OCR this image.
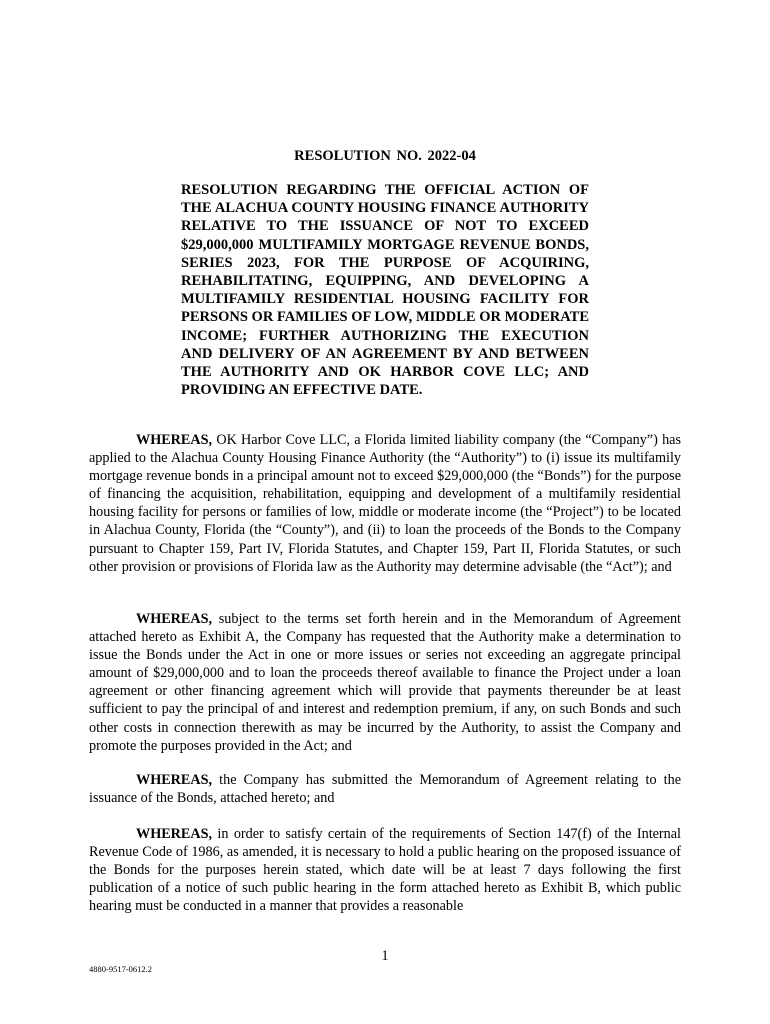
RESOLUTION NO. 2022-04

RESOLUTION REGARDING THE OFFICIAL ACTION OF THE ALACHUA COUNTY HOUSING FINANCE AUTHORITY RELATIVE TO THE ISSUANCE OF NOT TO EXCEED $29,000,000 MULTIFAMILY MORTGAGE REVENUE BONDS, SERIES 2023, FOR THE PURPOSE OF ACQUIRING, REHABILITATING, EQUIPPING, AND DEVELOPING A MULTIFAMILY RESIDENTIAL HOUSING FACILITY FOR PERSONS OR FAMILIES OF LOW, MIDDLE OR MODERATE INCOME; FURTHER AUTHORIZING THE EXECUTION AND DELIVERY OF AN AGREEMENT BY AND BETWEEN THE AUTHORITY AND OK HARBOR COVE LLC; AND PROVIDING AN EFFECTIVE DATE.

WHEREAS, OK Harbor Cove LLC, a Florida limited liability company (the “Company”) has applied to the Alachua County Housing Finance Authority (the “Authority”) to (i) issue its multifamily mortgage revenue bonds in a principal amount not to exceed $29,000,000 (the “Bonds”) for the purpose of financing the acquisition, rehabilitation, equipping and development of a multifamily residential housing facility for persons or families of low, middle or moderate income (the “Project”) to be located in Alachua County, Florida (the “County”), and (ii) to loan the proceeds of the Bonds to the Company pursuant to Chapter 159, Part IV, Florida Statutes, and Chapter 159, Part II, Florida Statutes, or such other provision or provisions of Florida law as the Authority may determine advisable (the “Act”); and

WHEREAS, subject to the terms set forth herein and in the Memorandum of Agreement attached hereto as Exhibit A, the Company has requested that the Authority make a determination to issue the Bonds under the Act in one or more issues or series not exceeding an aggregate principal amount of $29,000,000 and to loan the proceeds thereof available to finance the Project under a loan agreement or other financing agreement which will provide that payments thereunder be at least sufficient to pay the principal of and interest and redemption premium, if any, on such Bonds and such other costs in connection therewith as may be incurred by the Authority, to assist the Company and promote the purposes provided in the Act; and

WHEREAS, the Company has submitted the Memorandum of Agreement relating to the issuance of the Bonds, attached hereto; and

WHEREAS, in order to satisfy certain of the requirements of Section 147(f) of the Internal Revenue Code of 1986, as amended, it is necessary to hold a public hearing on the proposed issuance of the Bonds for the purposes herein stated, which date will be at least 7 days following the first publication of a notice of such public hearing in the form attached hereto as Exhibit B, which public hearing must be conducted in a manner that provides a reasonable

1

4880-9517-0612.2
